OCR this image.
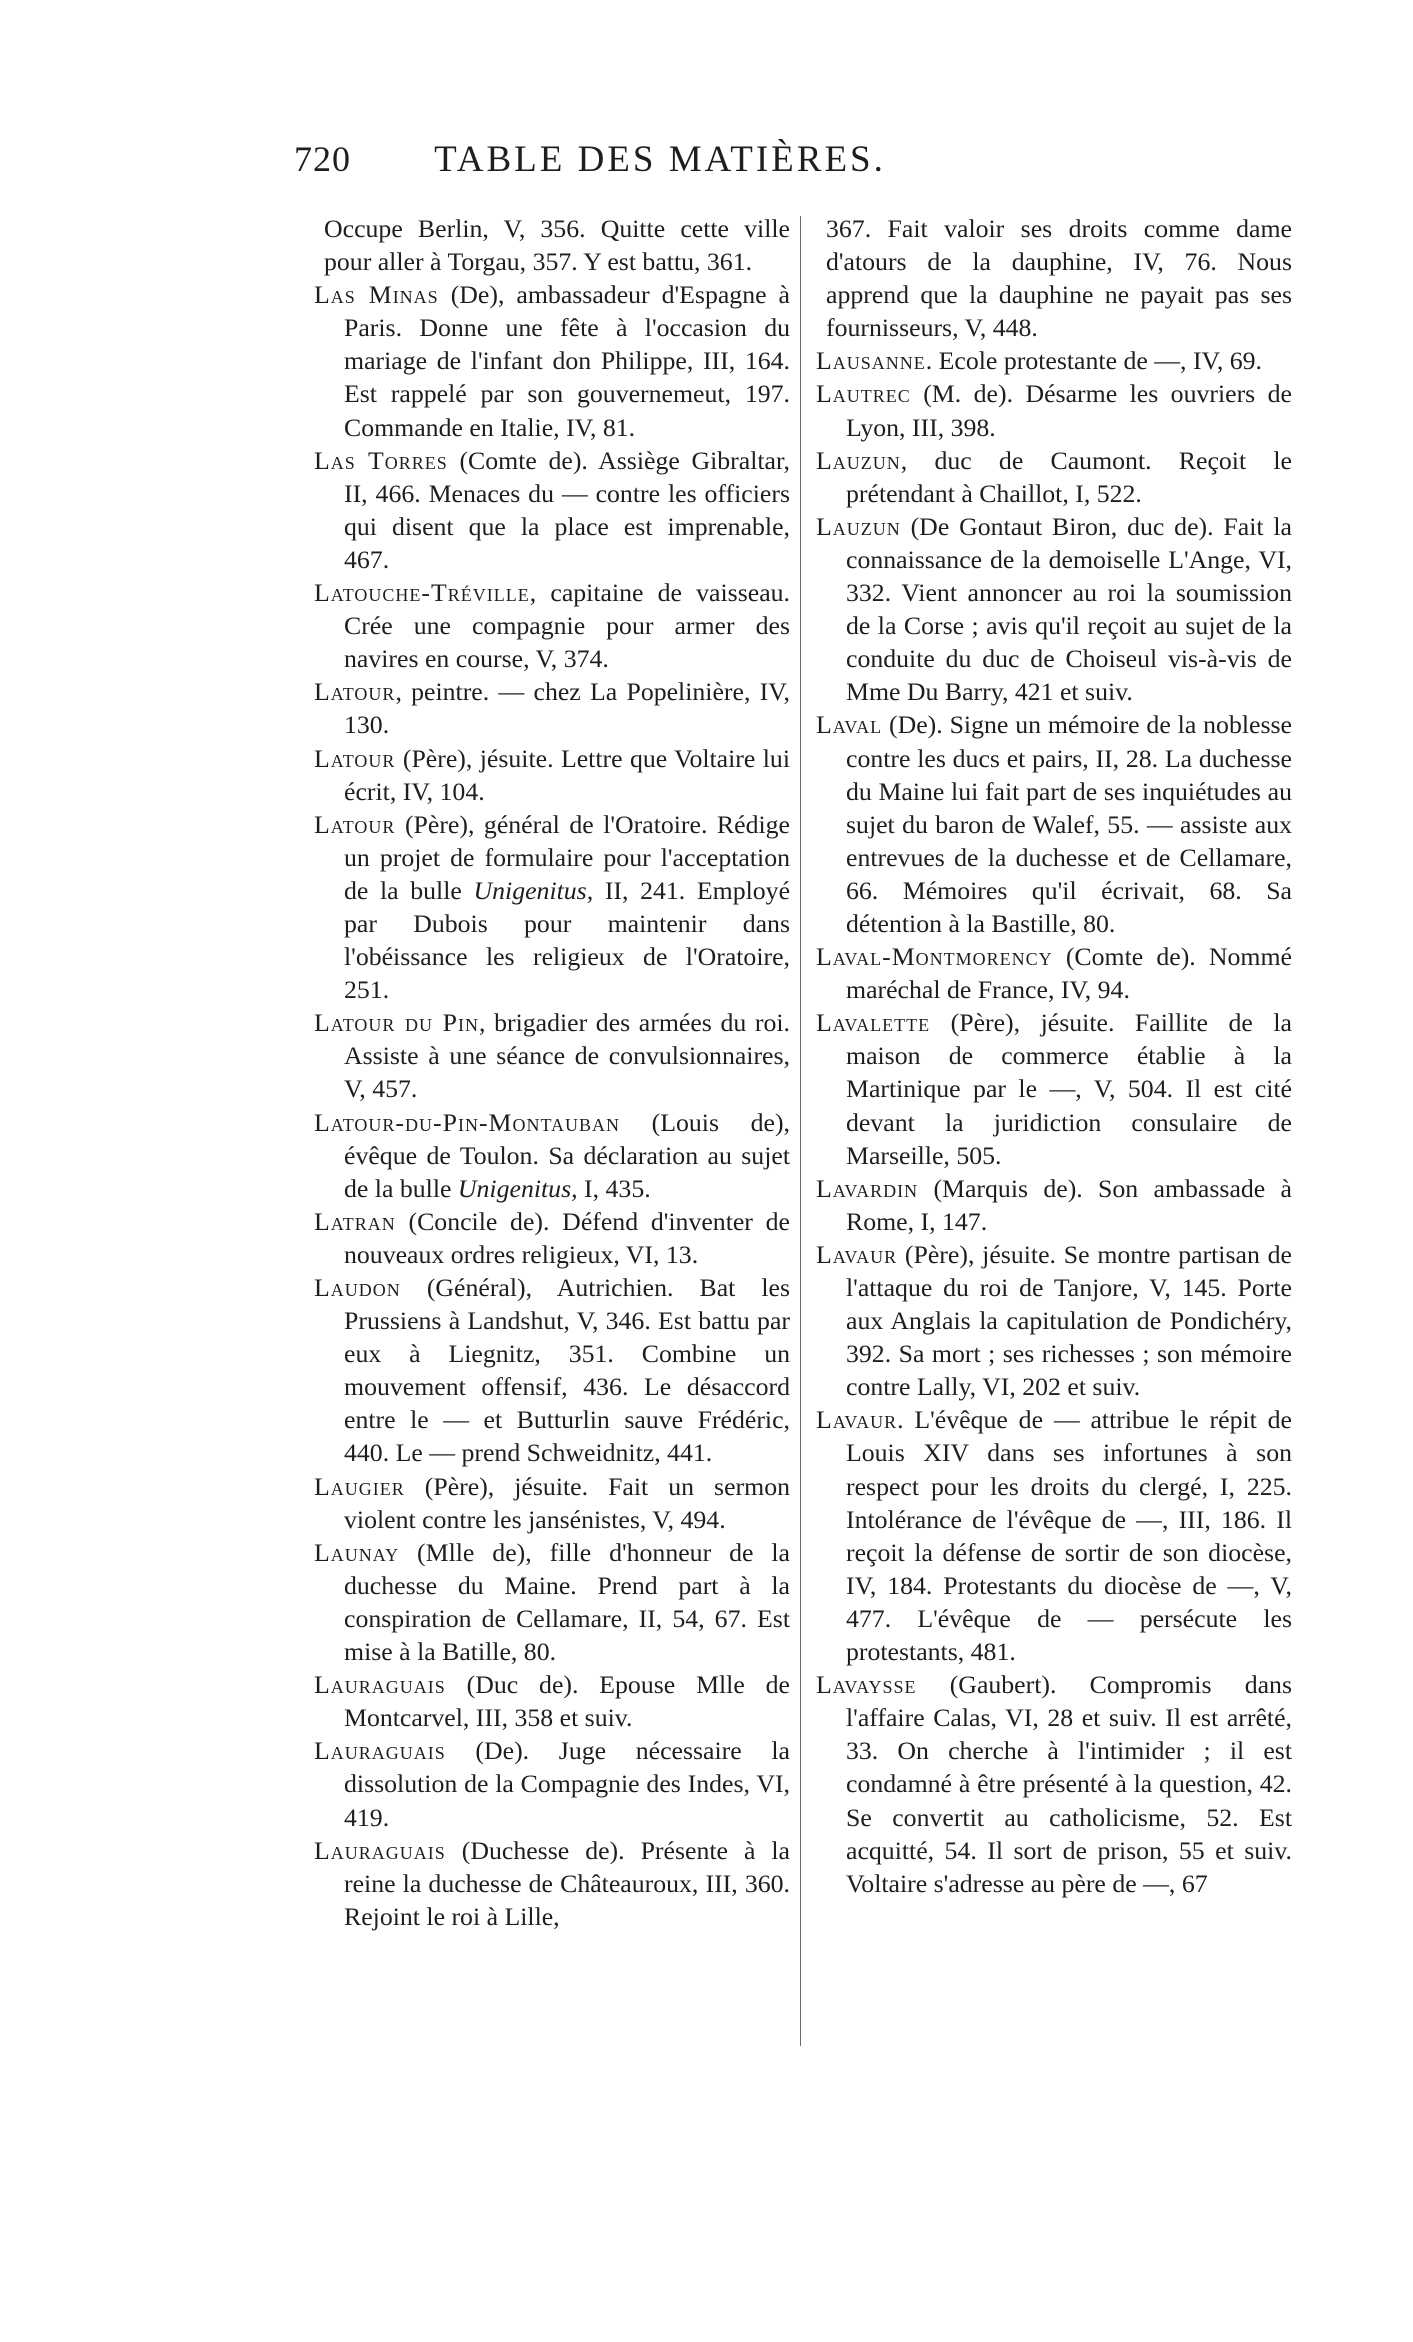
720	TABLE DES MATIÈRES.

Occupe Berlin, V, 356. Quitte cette ville pour aller à Torgau, 357. Y est battu, 361.

Las Minas (De), ambassadeur d'Espagne à Paris. Donne une fête à l'occasion du mariage de l'infant don Philippe, III, 164. Est rappelé par son gouvernemeut, 197. Commande en Italie, IV, 81.

Las Torres (Comte de). Assiège Gibraltar, II, 466. Menaces du — contre les officiers qui disent que la place est imprenable, 467.

Latouche-Tréville, capitaine de vaisseau. Crée une compagnie pour armer des navires en course, V, 374.

Latour, peintre. — chez La Popelinière, IV, 130.

Latour (Père), jésuite. Lettre que Voltaire lui écrit, IV, 104.

Latour (Père), général de l'Oratoire. Rédige un projet de formulaire pour l'acceptation de la bulle Unigenitus, II, 241. Employé par Dubois pour maintenir dans l'obéissance les religieux de l'Oratoire, 251.

Latour du Pin, brigadier des armées du roi. Assiste à une séance de convulsionnaires, V, 457.

Latour-du-Pin-Montauban (Louis de), évêque de Toulon. Sa déclaration au sujet de la bulle Unigenitus, I, 435.

Latran (Concile de). Défend d'inventer de nouveaux ordres religieux, VI, 13.

Laudon (Général), Autrichien. Bat les Prussiens à Landshut, V, 346. Est battu par eux à Liegnitz, 351. Combine un mouvement offensif, 436. Le désaccord entre le — et Butturlin sauve Frédéric, 440. Le — prend Schweidnitz, 441.

Laugier (Père), jésuite. Fait un sermon violent contre les jansénistes, V, 494.

Launay (Mlle de), fille d'honneur de la duchesse du Maine. Prend part à la conspiration de Cellamare, II, 54, 67. Est mise à la Batille, 80.

Lauraguais (Duc de). Epouse Mlle de Montcarvel, III, 358 et suiv.

Lauraguais (De). Juge nécessaire la dissolution de la Compagnie des Indes, VI, 419.

Lauraguais (Duchesse de). Présente à la reine la duchesse de Châteauroux, III, 360. Rejoint le roi à Lille,

367. Fait valoir ses droits comme dame d'atours de la dauphine, IV, 76. Nous apprend que la dauphine ne payait pas ses fournisseurs, V, 448.

Lausanne. Ecole protestante de —, IV, 69.

Lautrec (M. de). Désarme les ouvriers de Lyon, III, 398.

Lauzun, duc de Caumont. Reçoit le prétendant à Chaillot, I, 522.

Lauzun (De Gontaut Biron, duc de). Fait la connaissance de la demoiselle L'Ange, VI, 332. Vient annoncer au roi la soumission de la Corse ; avis qu'il reçoit au sujet de la conduite du duc de Choiseul vis-à-vis de Mme Du Barry, 421 et suiv.

Laval (De). Signe un mémoire de la noblesse contre les ducs et pairs, II, 28. La duchesse du Maine lui fait part de ses inquiétudes au sujet du baron de Walef, 55. — assiste aux entrevues de la duchesse et de Cellamare, 66. Mémoires qu'il écrivait, 68. Sa détention à la Bastille, 80.

Laval-Montmorency (Comte de). Nommé maréchal de France, IV, 94.

Lavalette (Père), jésuite. Faillite de la maison de commerce établie à la Martinique par le —, V, 504. Il est cité devant la juridiction consulaire de Marseille, 505.

Lavardin (Marquis de). Son ambassade à Rome, I, 147.

Lavaur (Père), jésuite. Se montre partisan de l'attaque du roi de Tanjore, V, 145. Porte aux Anglais la capitulation de Pondichéry, 392. Sa mort ; ses richesses ; son mémoire contre Lally, VI, 202 et suiv.

Lavaur. L'évêque de — attribue le répit de Louis XIV dans ses infortunes à son respect pour les droits du clergé, I, 225. Intolérance de l'évêque de —, III, 186. Il reçoit la défense de sortir de son diocèse, IV, 184. Protestants du diocèse de —, V, 477. L'évêque de — persécute les protestants, 481.

Lavaysse (Gaubert). Compromis dans l'affaire Calas, VI, 28 et suiv. Il est arrêté, 33. On cherche à l'intimider ; il est condamné à être présenté à la question, 42. Se convertit au catholicisme, 52. Est acquitté, 54. Il sort de prison, 55 et suiv. Voltaire s'adresse au père de —, 67
